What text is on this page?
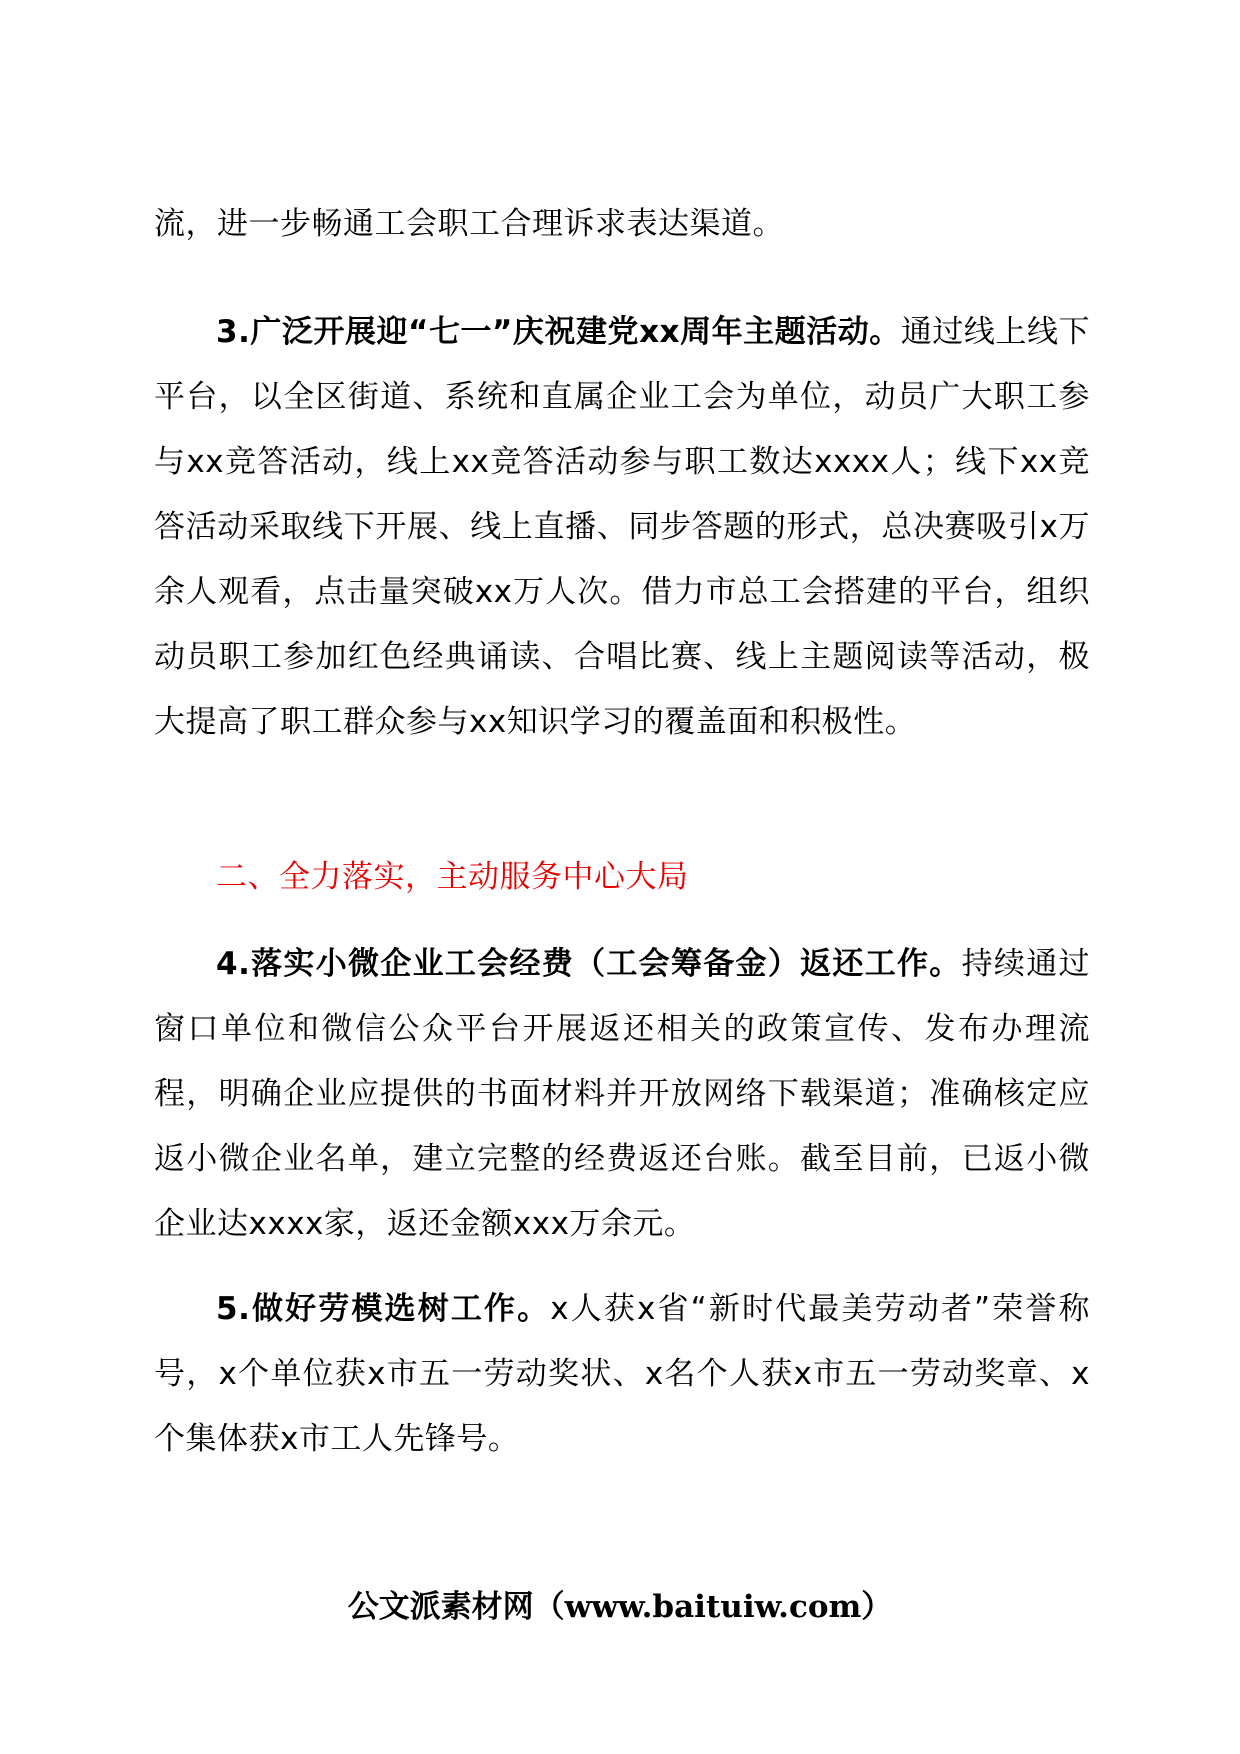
流，进一步畅通工会职工合理诉求表达渠道。

3.广泛开展迎“七一”庆祝建党xx周年主题活动。通过线上线下平台，以全区街道、系统和直属企业工会为单位，动员广大职工参与xx竞答活动，线上xx竞答活动参与职工数达xxxx人；线下xx竞答活动采取线下开展、线上直播、同步答题的形式，总决赛吸引x万余人观看，点击量突破xx万人次。借力市总工会搭建的平台，组织动员职工参加红色经典诵读、合唱比赛、线上主题阅读等活动，极大提高了职工群众参与xx知识学习的覆盖面和积极性。

二、全力落实，主动服务中心大局

4.落实小微企业工会经费（工会筹备金）返还工作。持续通过窗口单位和微信公众平台开展返还相关的政策宣传、发布办理流程，明确企业应提供的书面材料并开放网络下载渠道；准确核定应返小微企业名单，建立完整的经费返还台账。截至目前，已返小微企业达xxxx家，返还金额xxx万余元。

5.做好劳模选树工作。x人获x省“新时代最美劳动者”荣誉称号，x个单位获x市五一劳动奖状、x名个人获x市五一劳动奖章、x个集体获x市工人先锋号。

公文派素材网（www.baituiw.com）
